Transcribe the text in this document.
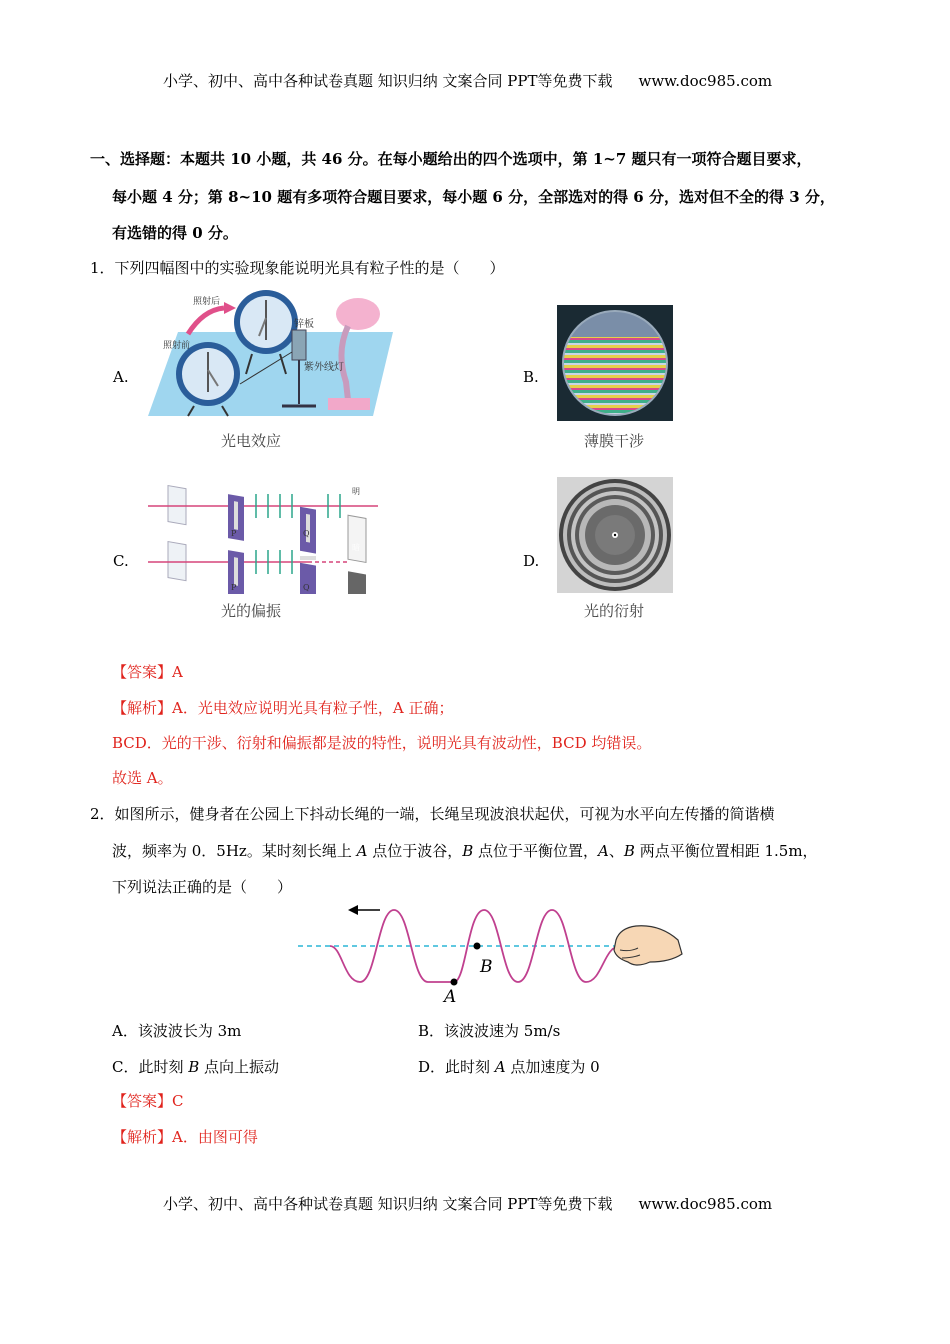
小学、初中、高中各种试卷真题 知识归纳 文案合同 PPT等免费下载 www.doc985.com
一、选择题：本题共 10 小题，共 46 分。在每小题给出的四个选项中，第 1~7 题只有一项符合题目要求，
每小题 4 分；第 8~10 题有多项符合题目要求，每小题 6 分，全部选对的得 6 分，选对但不全的得 3 分，
有选错的得 0 分。
1．下列四幅图中的实验现象能说明光具有粒子性的是（　　）
A.
照射后
照射前
锌板
紫外线灯
光电效应
B.
薄膜干涉
C.
P	Q
明
P	Q
暗
光的偏振
D.
光的衍射
【答案】A
【解析】A．光电效应说明光具有粒子性，A 正确；
BCD．光的干涉、衍射和偏振都是波的特性，说明光具有波动性，BCD 均错误。
故选 A。
2．如图所示，健身者在公园上下抖动长绳的一端，长绳呈现波浪状起伏，可视为水平向左传播的简谐横
波，频率为 0．5Hz。某时刻长绳上 A 点位于波谷，B 点位于平衡位置，A、B 两点平衡位置相距 1.5m，
下列说法正确的是（　　）
A
B
A．该波波长为 3m	B．该波波速为 5m/s
C．此时刻 B 点向上振动	D．此时刻 A 点加速度为 0
【答案】C
【解析】A．由图可得
小学、初中、高中各种试卷真题 知识归纳 文案合同 PPT等免费下载 www.doc985.com
